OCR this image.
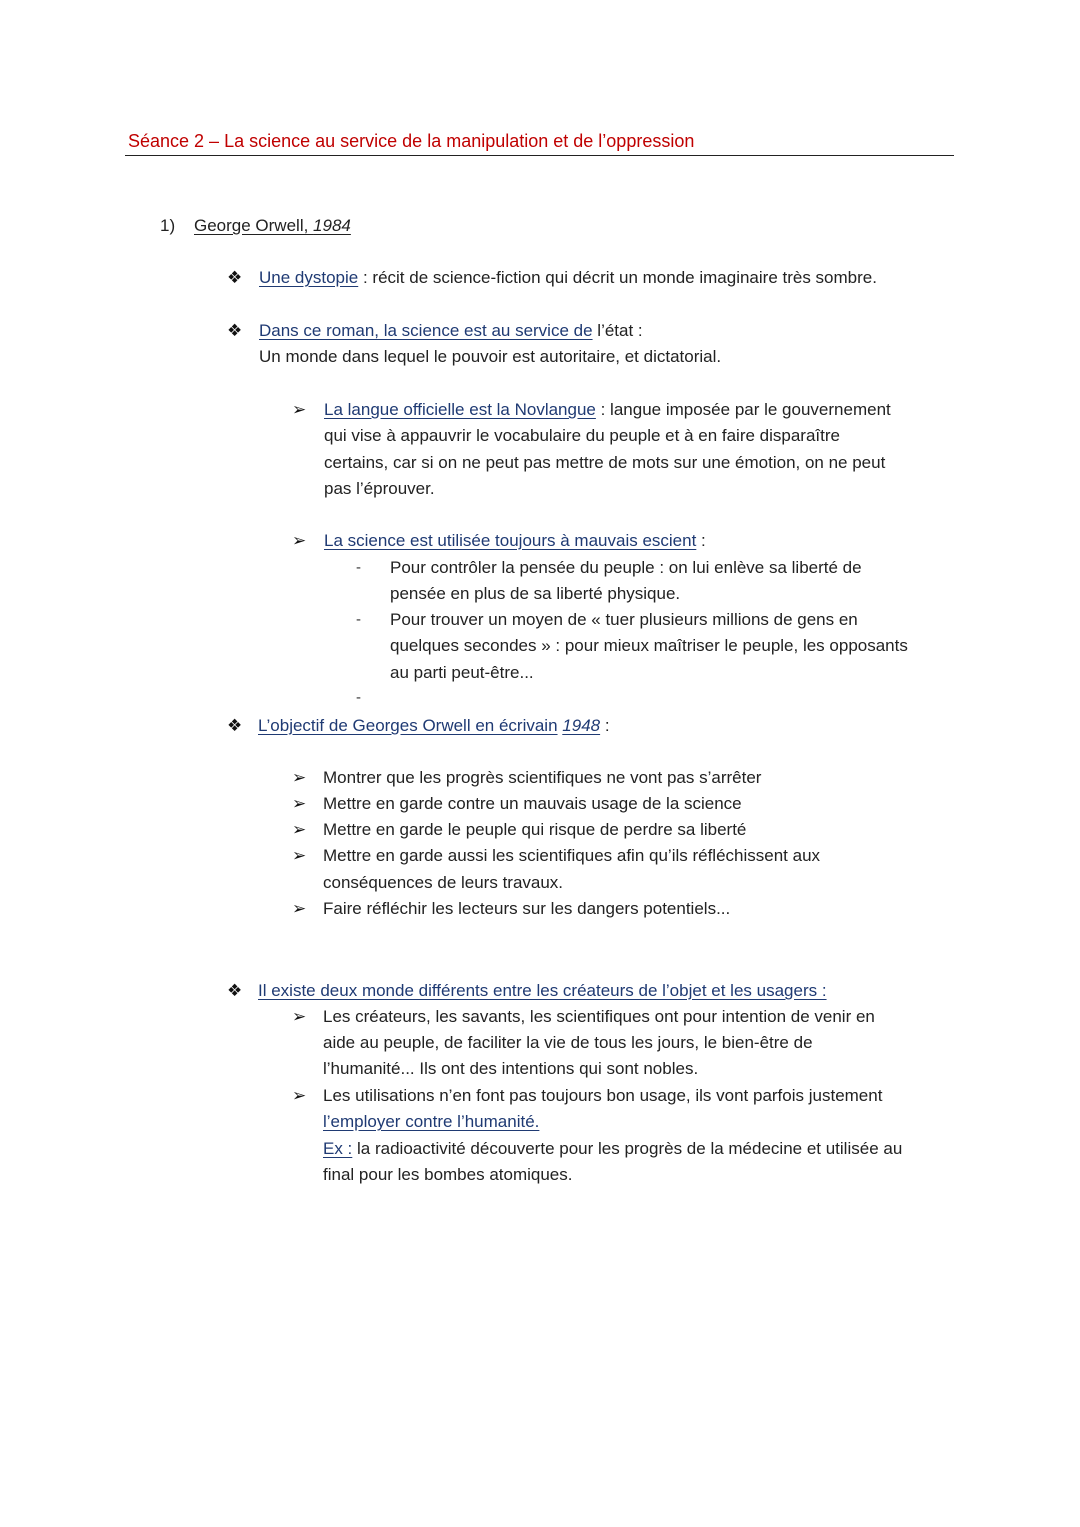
Séance 2 – La science au service de la manipulation et de l’oppression
1) George Orwell, 1984
❖ Une dystopie : récit de science-fiction qui décrit un monde imaginaire très sombre.
❖ Dans ce roman, la science est au service de l’état :
Un monde dans lequel le pouvoir est autoritaire, et dictatorial.
➢ La langue officielle est la Novlangue : langue imposée par le gouvernement
qui vise à appauvrir le vocabulaire du peuple et à en faire disparaître
certains, car si on ne peut pas mettre de mots sur une émotion, on ne peut
pas l’éprouver.
➢ La science est utilisée toujours à mauvais escient :
- Pour contrôler la pensée du peuple : on lui enlève sa liberté de
pensée en plus de sa liberté physique.
- Pour trouver un moyen de « tuer plusieurs millions de gens en
quelques secondes » : pour mieux maîtriser le peuple, les opposants
au parti peut-être...
-
❖ L’objectif de Georges Orwell en écrivain 1948 :
➢ Montrer que les progrès scientifiques ne vont pas s’arrêter
➢ Mettre en garde contre un mauvais usage de la science
➢ Mettre en garde le peuple qui risque de perdre sa liberté
➢ Mettre en garde aussi les scientifiques afin qu’ils réfléchissent aux
conséquences de leurs travaux.
➢ Faire réfléchir les lecteurs sur les dangers potentiels...
❖ Il existe deux monde différents entre les créateurs de l’objet et les usagers :
➢ Les créateurs, les savants, les scientifiques ont pour intention de venir en
aide au peuple, de faciliter la vie de tous les jours, le bien-être de
l’humanité... Ils ont des intentions qui sont nobles.
➢ Les utilisations n’en font pas toujours bon usage, ils vont parfois justement
l’employer contre l’humanité.
Ex : la radioactivité découverte pour les progrès de la médecine et utilisée au
final pour les bombes atomiques.
